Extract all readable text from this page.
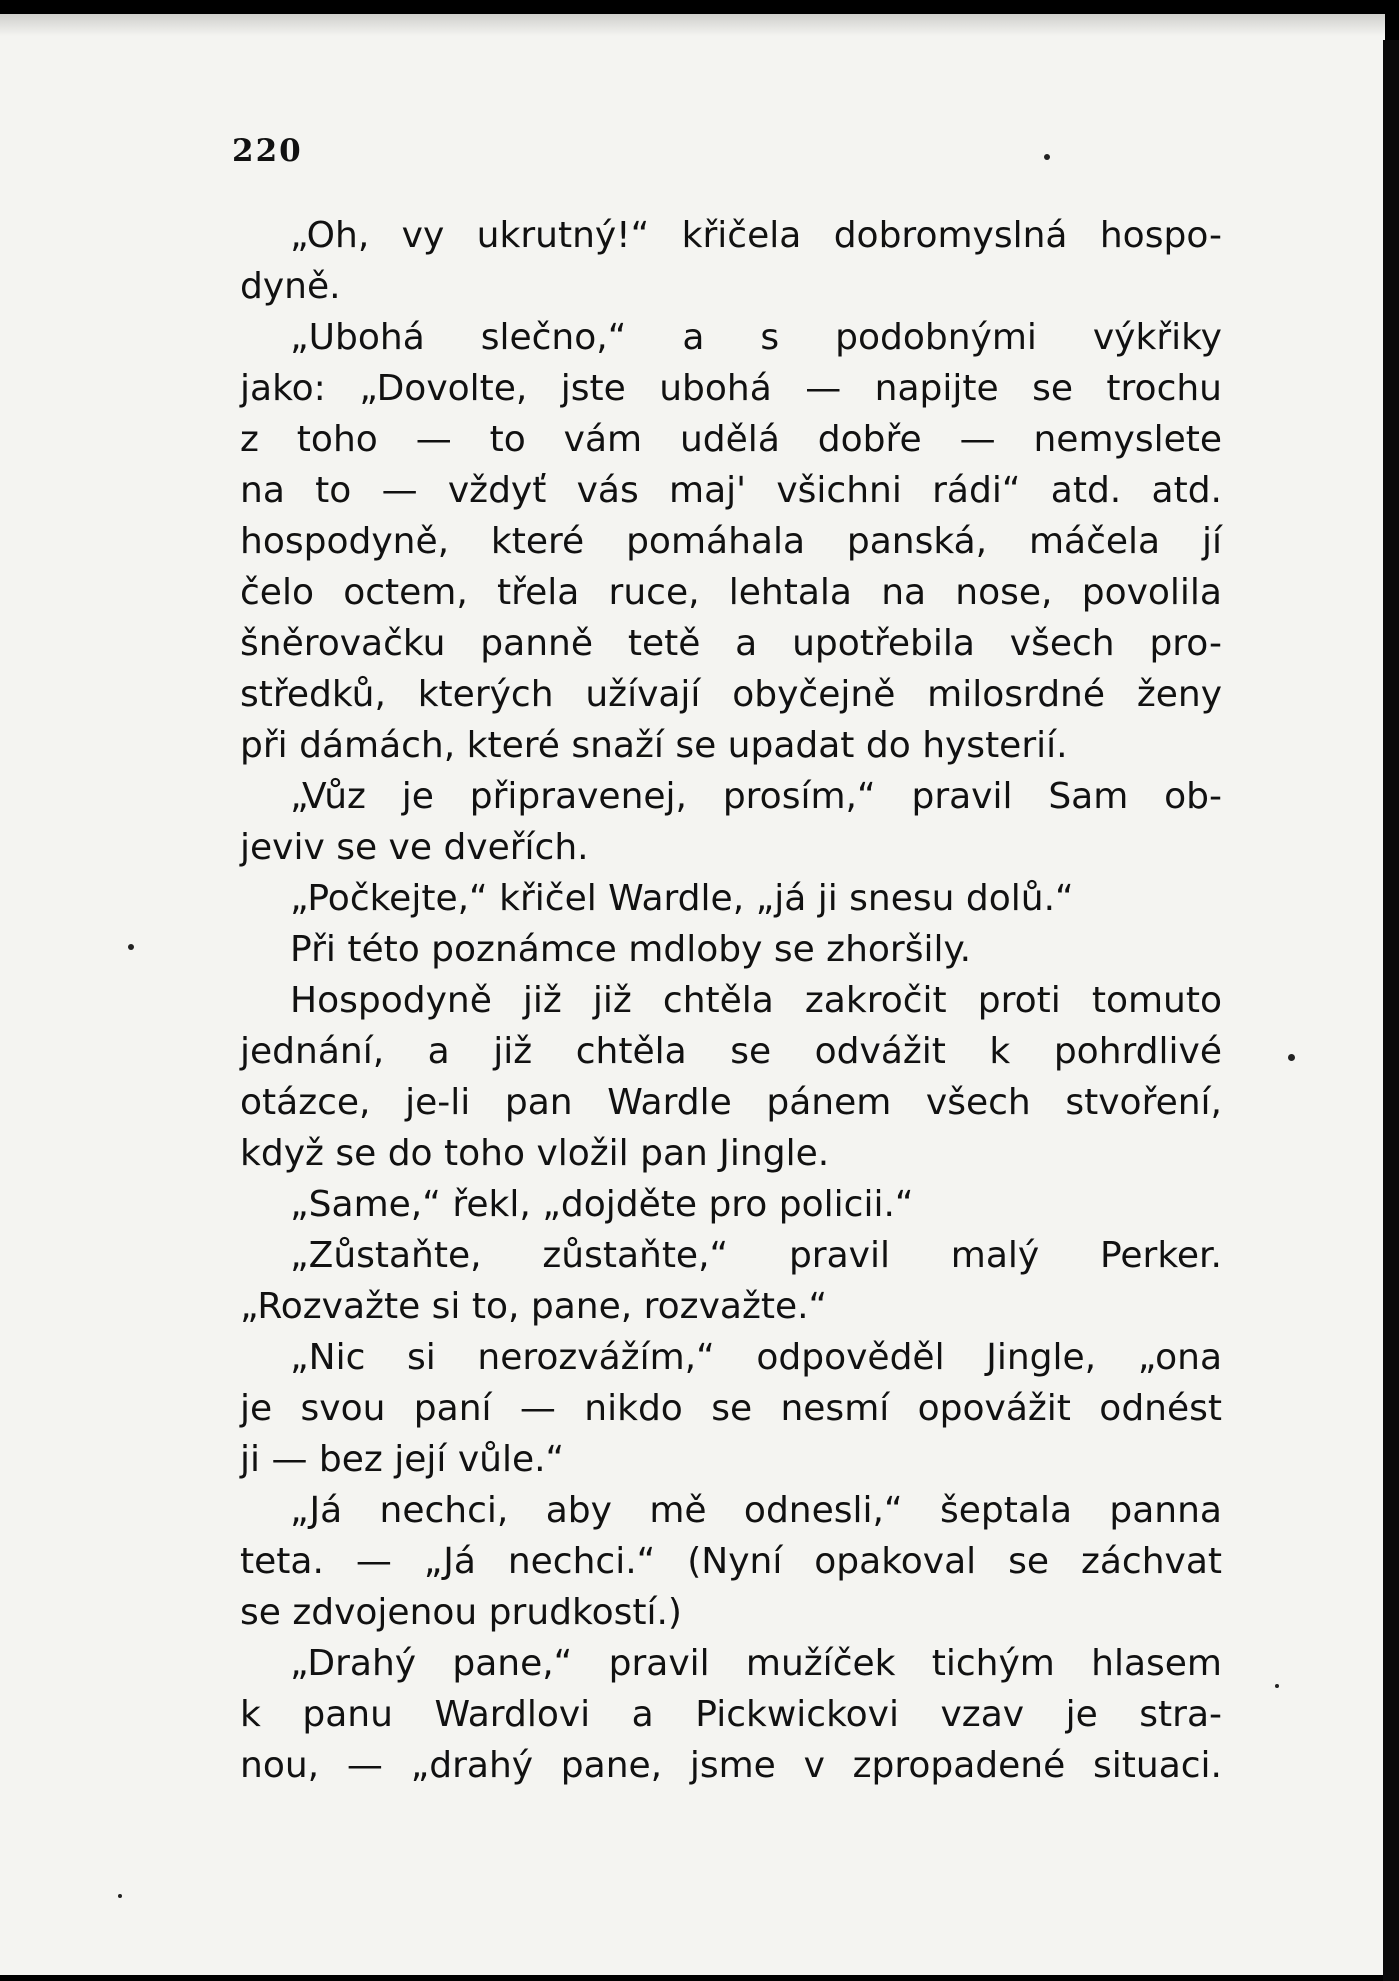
220
„Oh, vy ukrutný!“ křičela dobromyslná hospo-
dyně.
„Ubohá slečno,“ a s podobnými výkřiky
jako: „Dovolte, jste ubohá — napijte se trochu
z toho — to vám udělá dobře — nemyslete
na to — vždyť vás maj' všichni rádi“ atd. atd.
hospodyně, které pomáhala panská, máčela jí
čelo octem, třela ruce, lehtala na nose, povolila
šněrovačku panně tetě a upotřebila všech pro-
středků, kterých užívají obyčejně milosrdné ženy
při dámách, které snaží se upadat do hysterií.
„Vůz je připravenej, prosím,“ pravil Sam ob-
jeviv se ve dveřích.
„Počkejte,“ křičel Wardle, „já ji snesu dolů.“
Při této poznámce mdloby se zhoršily.
Hospodyně již již chtěla zakročit proti tomuto
jednání, a již chtěla se odvážit k pohrdlivé
otázce, je-li pan Wardle pánem všech stvoření,
když se do toho vložil pan Jingle.
„Same,“ řekl, „dojděte pro policii.“
„Zůstaňte, zůstaňte,“ pravil malý Perker.
„Rozvažte si to, pane, rozvažte.“
„Nic si nerozvážím,“ odpověděl Jingle, „ona
je svou paní — nikdo se nesmí opovážit odnést
ji — bez její vůle.“
„Já nechci, aby mě odnesli,“ šeptala panna
teta. — „Já nechci.“ (Nyní opakoval se záchvat
se zdvojenou prudkostí.)
„Drahý pane,“ pravil mužíček tichým hlasem
k panu Wardlovi a Pickwickovi vzav je stra-
nou, — „drahý pane, jsme v zpropadené situaci.
